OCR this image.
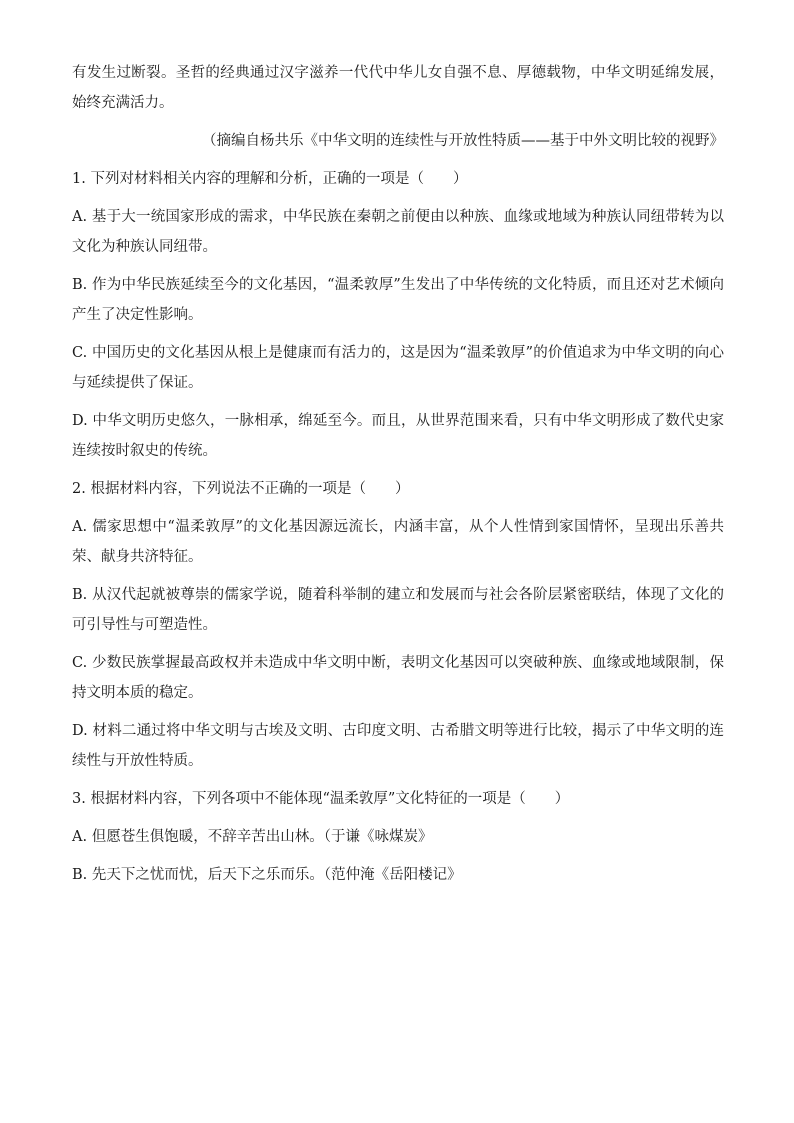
有发生过断裂。圣哲的经典通过汉字滋养一代代中华儿女自强不息、厚德载物，中华文明延绵发展，始终充满活力。

（摘编自杨共乐《中华文明的连续性与开放性特质——基于中外文明比较的视野》

1. 下列对材料相关内容的理解和分析，正确的一项是（　　）

A. 基于大一统国家形成的需求，中华民族在秦朝之前便由以种族、血缘或地域为种族认同纽带转为以文化为种族认同纽带。

B. 作为中华民族延续至今的文化基因，“温柔敦厚”生发出了中华传统的文化特质，而且还对艺术倾向产生了决定性影响。

C. 中国历史的文化基因从根上是健康而有活力的，这是因为“温柔敦厚”的价值追求为中华文明的向心与延续提供了保证。

D. 中华文明历史悠久，一脉相承，绵延至今。而且，从世界范围来看，只有中华文明形成了数代史家连续按时叙史的传统。

2. 根据材料内容，下列说法不正确的一项是（　　）

A. 儒家思想中“温柔敦厚”的文化基因源远流长，内涵丰富，从个人性情到家国情怀，呈现出乐善共荣、献身共济特征。

B. 从汉代起就被尊崇的儒家学说，随着科举制的建立和发展而与社会各阶层紧密联结，体现了文化的可引导性与可塑造性。

C. 少数民族掌握最高政权并未造成中华文明中断，表明文化基因可以突破种族、血缘或地域限制，保持文明本质的稳定。

D. 材料二通过将中华文明与古埃及文明、古印度文明、古希腊文明等进行比较，揭示了中华文明的连续性与开放性特质。

3. 根据材料内容，下列各项中不能体现“温柔敦厚”文化特征的一项是（　　）

A. 但愿苍生俱饱暖，不辞辛苦出山林。（于谦《咏煤炭》

B. 先天下之忧而忧，后天下之乐而乐。（范仲淹《岳阳楼记》
